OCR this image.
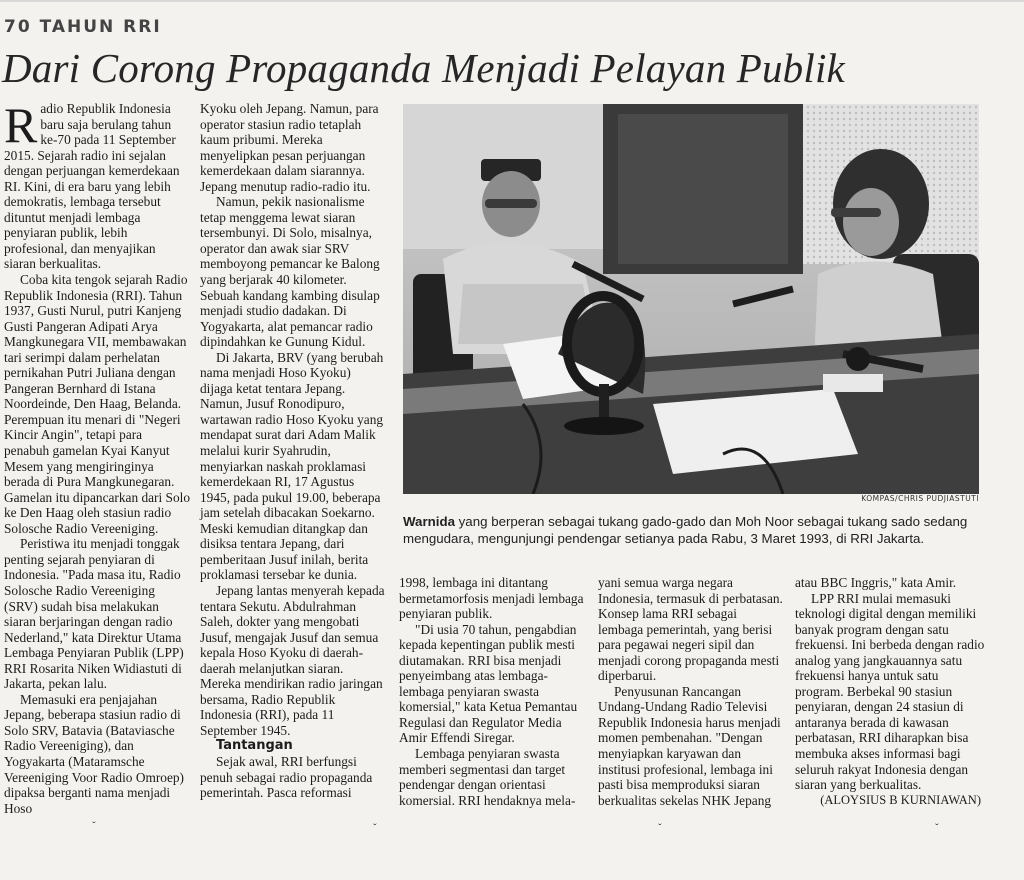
70 TAHUN RRI
Dari Corong Propaganda Menjadi Pelayan Publik

Radio Republik Indonesia baru saja berulang tahun ke-70 pada 11 September 2015. Sejarah radio ini sejalan dengan perjuangan kemerdekaan RI. Kini, di era baru yang lebih demokratis, lembaga tersebut dituntut menjadi lembaga penyiaran publik, lebih profesional, dan menyajikan siaran berkualitas.

Coba kita tengok sejarah Radio Republik Indonesia (RRI). Tahun 1937, Gusti Nurul, putri Kanjeng Gusti Pangeran Adipati Arya Mangkunegara VII, membawakan tari serimpi dalam perhelatan pernikahan Putri Juliana dengan Pangeran Bernhard di Istana Noordeinde, Den Haag, Belanda. Perempuan itu menari di "Negeri Kincir Angin", tetapi para penabuh gamelan Kyai Kanyut Mesem yang mengiringinya berada di Pura Mangkunegaran. Gamelan itu dipancarkan dari Solo ke Den Haag oleh stasiun radio Solosche Radio Vereeniging.

Peristiwa itu menjadi tonggak penting sejarah penyiaran di Indonesia. "Pada masa itu, Radio Solosche Radio Vereeniging (SRV) sudah bisa melakukan siaran berjaringan dengan radio Nederland," kata Direktur Utama Lembaga Penyiaran Publik (LPP) RRI Rosarita Niken Widiastuti di Jakarta, pekan lalu.

Memasuki era penjajahan Jepang, beberapa stasiun radio di Solo SRV, Batavia (Bataviasche Radio Vereeniging), dan Yogyakarta (Mataramsche Vereeniging Voor Radio Omroep) dipaksa berganti nama menjadi Hoso

Kyoku oleh Jepang. Namun, para operator stasiun radio tetaplah kaum pribumi. Mereka menyelipkan pesan perjuangan kemerdekaan dalam siarannya. Jepang menutup radio-radio itu.

Namun, pekik nasionalisme tetap menggema lewat siaran tersembunyi. Di Solo, misalnya, operator dan awak siar SRV memboyong pemancar ke Balong yang berjarak 40 kilometer. Sebuah kandang kambing disulap menjadi studio dadakan. Di Yogyakarta, alat pemancar radio dipindahkan ke Gunung Kidul.

Di Jakarta, BRV (yang berubah nama menjadi Hoso Kyoku) dijaga ketat tentara Jepang. Namun, Jusuf Ronodipuro, wartawan radio Hoso Kyoku yang mendapat surat dari Adam Malik melalui kurir Syahrudin, menyiarkan naskah proklamasi kemerdekaan RI, 17 Agustus 1945, pada pukul 19.00, beberapa jam setelah dibacakan Soekarno. Meski kemudian ditangkap dan disiksa tentara Jepang, dari pemberitaan Jusuf inilah, berita proklamasi tersebar ke dunia.

Jepang lantas menyerah kepada tentara Sekutu. Abdulrahman Saleh, dokter yang mengobati Jusuf, mengajak Jusuf dan semua kepala Hoso Kyoku di daerah-daerah melanjutkan siaran. Mereka mendirikan radio jaringan bersama, Radio Republik Indonesia (RRI), pada 11 September 1945.

Tantangan

Sejak awal, RRI berfungsi penuh sebagai radio propaganda pemerintah. Pasca reformasi

KOMPAS/CHRIS PUDJIASTUTI
Warnida yang berperan sebagai tukang gado-gado dan Moh Noor sebagai tukang sado sedang mengudara, mengunjungi pendengar setianya pada Rabu, 3 Maret 1993, di RRI Jakarta.

1998, lembaga ini ditantang bermetamorfosis menjadi lembaga penyiaran publik.

"Di usia 70 tahun, pengabdian kepada kepentingan publik mesti diutamakan. RRI bisa menjadi penyeimbang atas lembaga-lembaga penyiaran swasta komersial," kata Ketua Pemantau Regulasi dan Regulator Media Amir Effendi Siregar.

Lembaga penyiaran swasta memberi segmentasi dan target pendengar dengan orientasi komersial. RRI hendaknya mela-

yani semua warga negara Indonesia, termasuk di perbatasan. Konsep lama RRI sebagai lembaga pemerintah, yang berisi para pegawai negeri sipil dan menjadi corong propaganda mesti diperbarui.

Penyusunan Rancangan Undang-Undang Radio Televisi Republik Indonesia harus menjadi momen pembenahan. "Dengan menyiapkan karyawan dan institusi profesional, lembaga ini pasti bisa memproduksi siaran berkualitas sekelas NHK Jepang

atau BBC Inggris," kata Amir.

LPP RRI mulai memasuki teknologi digital dengan memiliki banyak program dengan satu frekuensi. Ini berbeda dengan radio analog yang jangkauannya satu frekuensi hanya untuk satu program. Berbekal 90 stasiun penyiaran, dengan 24 stasiun di antaranya berada di kawasan perbatasan, RRI diharapkan bisa membuka akses informasi bagi seluruh rakyat Indonesia dengan siaran yang berkualitas.

(ALOYSIUS B KURNIAWAN)

ˇ	ˇ	ˇ	ˇ
